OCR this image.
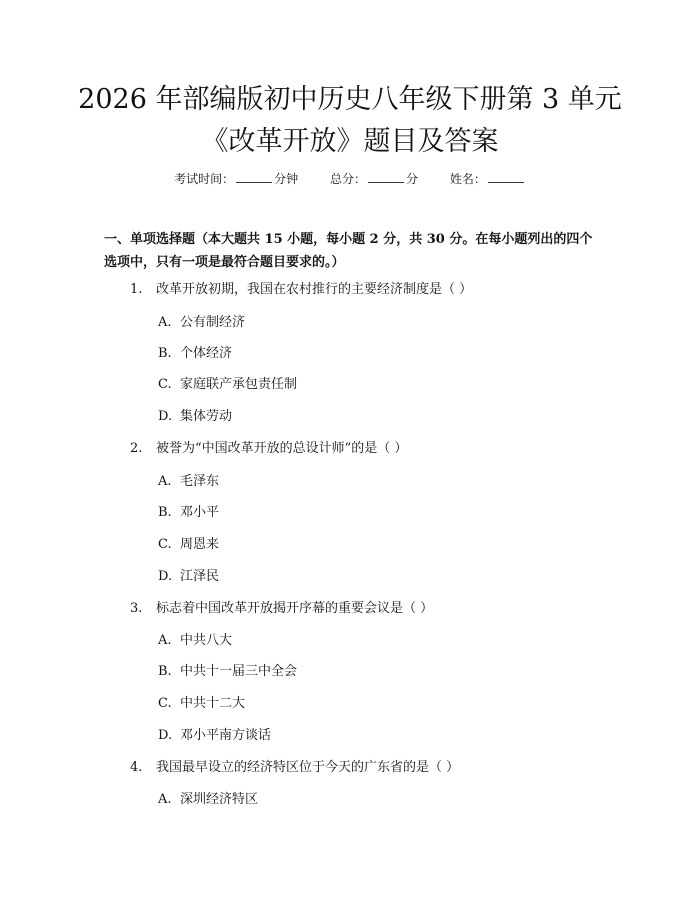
2026 年部编版初中历史八年级下册第 3 单元
《改革开放》题目及答案
考试时间：	分钟	总分：	分	姓名：
一、单项选择题（本大题共 15 小题，每小题 2 分，共 30 分。在每小题列出的四个选项中，只有一项是最符合题目要求的。）
1. 改革开放初期，我国在农村推行的主要经济制度是（ ）
A. 公有制经济
B. 个体经济
C. 家庭联产承包责任制
D. 集体劳动
2. 被誉为“中国改革开放的总设计师”的是（ ）
A. 毛泽东
B. 邓小平
C. 周恩来
D. 江泽民
3. 标志着中国改革开放揭开序幕的重要会议是（ ）
A. 中共八大
B. 中共十一届三中全会
C. 中共十二大
D. 邓小平南方谈话
4. 我国最早设立的经济特区位于今天的广东省的是（ ）
A. 深圳经济特区
